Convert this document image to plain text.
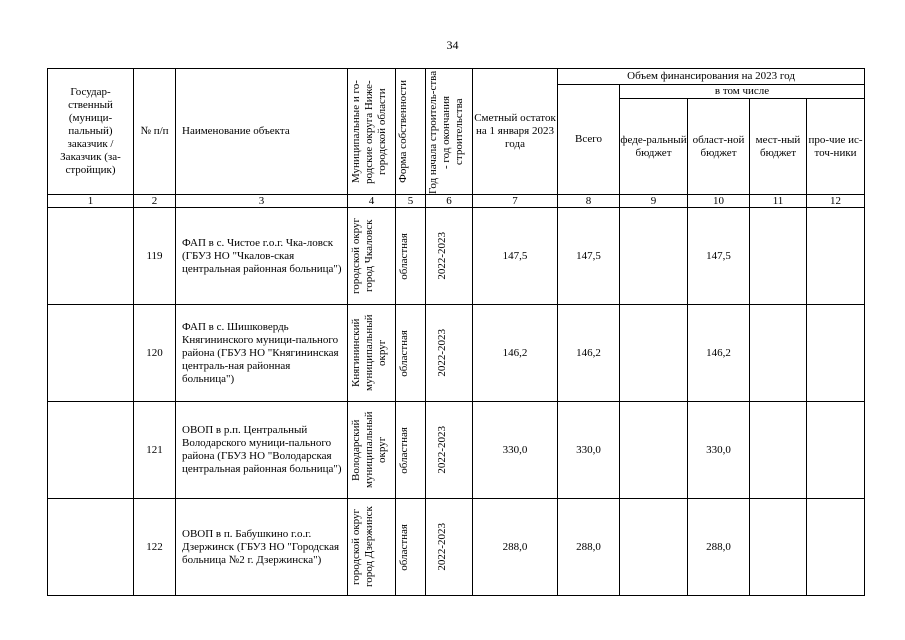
34
Государ-ственный (муници-пальный) заказчик / Заказчик (за-стройщик)	№ п/п	Наименование объекта	Муниципальные и го-родские округа Ниже-городской области	Форма собственности	Год начала строитель-ства - год окончания строительства	Сметный остаток на 1 января 2023 года	Объем финансирования на 2023 год				
							Всего	в том числе			
								феде-ральный бюджет	област-ной бюджет	мест-ный бюджет	про-чие ис-точ-ники
1	2	3	4	5	6	7	8	9	10	11	12
	119	ФАП в с. Чистое г.о.г. Чка-ловск (ГБУЗ НО "Чкалов-ская центральная районная больница")	городской округ город Чкаловск	областная	2022-2023	147,5	147,5		147,5		
	120	ФАП в с. Шишковердь Княгининского муници-пального района (ГБУЗ НО "Княгининская централь-ная районная больница")	Княгининский муниципальный округ	областная	2022-2023	146,2	146,2		146,2		
	121	ОВОП в р.п. Центральный Володарского муници-пального района (ГБУЗ НО "Володарская центральная районная больница")	Володарский муниципальный округ	областная	2022-2023	330,0	330,0		330,0		
	122	ОВОП в п. Бабушкино г.о.г. Дзержинск (ГБУЗ НО "Городская больница №2 г. Дзержинска")	городской округ город Дзержинск	областная	2022-2023	288,0	288,0		288,0		
